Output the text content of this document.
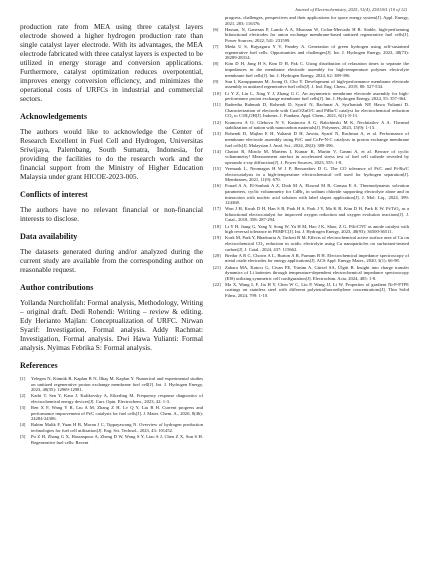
Journal of Electrochemistry, 2025, 31(4), 2501161 (10 of 12)

production rate from MEA using three catalyst layers electrode showed a higher hydrogen production rate than single catalyst layer electrode. With its advantages, the MEA electrode fabricated with three catalyst layers is expected to be utilized in energy storage and conversion applications. Furthermore, catalyst optimization reduces overpotential, improves energy conversion efficiency, and minimizes the operational costs of URFCs in industrial and commercial sectors.

Acknowledgements

The authors would like to acknowledge the Center of Research Excellent in Fuel Cell and Hydrogen, Universitas Sriwijaya, Palembang, South Sumatra, Indonesia, for providing the facilities to do the research work and the financial support from the Ministry of Higher Education Malaysia under grant HICOE-2023-005.

Conflicts of interest

The authors have no relevant financial or non-financial interests to disclose.

Data availability

The datasets generated during and/or analyzed during the current study are available from the corresponding author on reasonable request.

Author contributions

Yollanda Nurcholifah: Formal analysis, Methodology, Writing – original draft. Dedi Rohendi: Writing – review & editing. Edy Herianto Majlan: Conceptualization of URFC. Nirwan Syarif: Investigation, Formal analysis. Addy Rachmat: Investigation, Formal analysis. Dwi Hawa Yulianti: Formal analysis. Nyimas Febrika S: Formal analysis.

References
[1] Yelegen N, Kümük B, Kaplan R N, İlbaş M, Kaplan Y. Numerical and experimental studies on unitized regenerative proton exchange membrane fuel cell[J]. Int. J. Hydrogen Energy, 2023, 48(35): 12969-12981.
[2] Kadri T, Sen Y, Kaur J, Kulikovsky A, Eikerling M. Frequency response diagnostics of electrochemical energy devices[J]. Curr. Opin. Electrochem., 2023, 42: 1-3.
[3] Ren X F, Wang Y R, Liu A M, Zhang Z H, Lv Q Y, Liu B H. Current progress and performance improvement of Pt/C catalysts for fuel cells[J]. J. Mater. Chem. A., 2020, 8(46): 24284-24306.
[4] Rahim Malik F, Yuan H B, Moran J C, Tippayawong N. Overview of hydrogen production technologies for fuel cell utilization[J]. Eng. Sci. Technol., 2023, 43: 101452.
[5] Pu Z H, Zhang G X, Hassanpour A, Zheng D W, Wang S Y, Liao S J, Chen Z X, Sun S H. Regenerative fuel cells: Recent
progress, challenges, perspectives and their applications for space energy system[J]. Appl. Energy, 2021, 283: 116376.
[6] Hassan, N, Ganesan P, Lando A A, Mustaan W, Colon-Mercado H R. Stable, high-performing bifunctional electrodes for anion exchange membrane-based unitized regenerative fuel cells[J]. Power Sources, 2022, 541: 231599.
[7] Meda U S, Rajyaguru Y V, Pandey A. Generation of green hydrogen using self-sustained regenerative fuel cells: Opportunities and challenges[J]. Int. J. Hydrogen Energy, 2023, 48(73): 28289-28314.
[8] Kim D H, Jung H S, Kim D H, Pak C. Using distribution of relaxation times to separate the impedances in the membrane electrode assembly for high-temperature polymer electrolyte membrane fuel cells[J]. Int. J. Hydrogen Energy, 2024, 62: 389-396.
[9] Sun I, Karuppannan M, Joong O, Cho Y. Development of high-performance membrane electrode assembly in unitized regenerative fuel cells[J]. J. Ind. Eng. Chem., 2019, 80: 527-534.
[10] Li Y Z, Liu L, Xing Y J, Zhang G C. An asymmetric membrane electrode assembly for high-performance proton exchange membrane fuel cells[J]. Int. J. Hydrogen Energy, 2024, 55: 357-364.
[11] Radeetha Rahmah D, Rohendi D, Syarif N, Rachmat A, Sya'baniah NP, Hawa Yulianti D. Characterization of electrode with CuxO/ZnO/C and PtRu/C catalyst for electrochemical reduction CO₂ to C1H₂OH[J]. Indones. J. Fundam. Appl. Chem., 2021, 6(1): 8-13.
[12] Kramova A O, Glebova N V, Kastnova A G, Rabchinski M K, Nechitailov A A. Thermal stabilization of nation with nanocarbon materials[J]. Polymers, 2023, 15(9): 1-13.
[13] Rohendi D, Majlan E H, Yulianti D H, Juwita, Syarif N, Rachmat A, et al. Performance of membrane electrode assembly using Pt/C and CoFe-N-C catalysts in proton exchange membrane fuel cells[J]. Malaysian J. Anal. Sci., 2024, 28(2): 388-396.
[14] Chattot R, Mirolo M, Martens I, Kumar K, Martin V, Gasmi A, et al. Beware of cyclic voltammetry! Measurement artefact in accelerated stress test of fuel cell cathode revealed by operando x-ray diffraction[J]. J. Power Sources, 2023, 555: 1-8.
[15] Vermaak L, Neomagus H W J P, Bessarabov D G. The CO tolerance of Pt/C and Pt-Ru/C electrocatalysts in a high-temperature electrochemical cell used for hydrogen separation[J]. Membranes, 2021, 11(9): 670.
[16] Fouad A A, El-Sonbati A Z, Diab M A, Elawad M R, Gomaa E A. Thermodynamic solvation parameters, cyclic voltammetry for CdBr₂ in sodium chloride supporting electrolyte alone and in interaction with nucleic acid solution with label slopes application[J]. J. Mol. Liq., 2024, 399: 124368.
[17] Won J H, Kwak D H, Han S B, Park H S, Park J Y, Ma K B, Kim D H, Park K W. Pt/TiO₂ as a bifunctional electrocatalyst for improved oxygen reduction and oxygen evolution reactions[J]. J. Catal., 2018, 358: 287-294.
[18] Li Y H, Jiang G, Yang Y, Song W, Yu H M, Hao J K, Shao, Z G. PtIr/CNT as anode catalyst with high reversal tolerance in PEMFC[J]. Int. J. Hydrogen Energy, 2023, 48(93): 36500-36511.
[19] Kırık M, Park Y, Bhadouria A, Tackett B M. Effects of electrochemical active surface area of Cu on electrochemical CO₂ reduction in acidic electrolyte using Cu nanoparticles on surfactant-treated carbon[J]. J. Catal., 2024, 437: 115662.
[20] Bredar A R C, Chown A L, Burton A R, Farnum B H. Electrochemical impedance spectroscopy of metal oxide electrodes for energy applications[J]. ACS Appl. Energy Mater., 2020, 3(1): 66-98.
[21] Zabara MA, Katırcı G, Civan FE, Yürüm A, Gürsel SA, Ülgüt B. Insight into charge transfer dynamics of Li batteries through temperature-dependent electrochemical impedance spectroscopy (EIS) utilizing symmetric cell configuration[J]. Electrochim. Acta, 2024, 485: 1-8.
[22] Ma X, Wang L F, Jia H Y, Chen W C, Liu P, Wang JJ, Li W. Properties of gradient Ni-P-PTFE coatings on stainless steel with different polytetrafluoroethylene concentrations[J]. Thin Solid Films, 2024, 799: 1-10.
